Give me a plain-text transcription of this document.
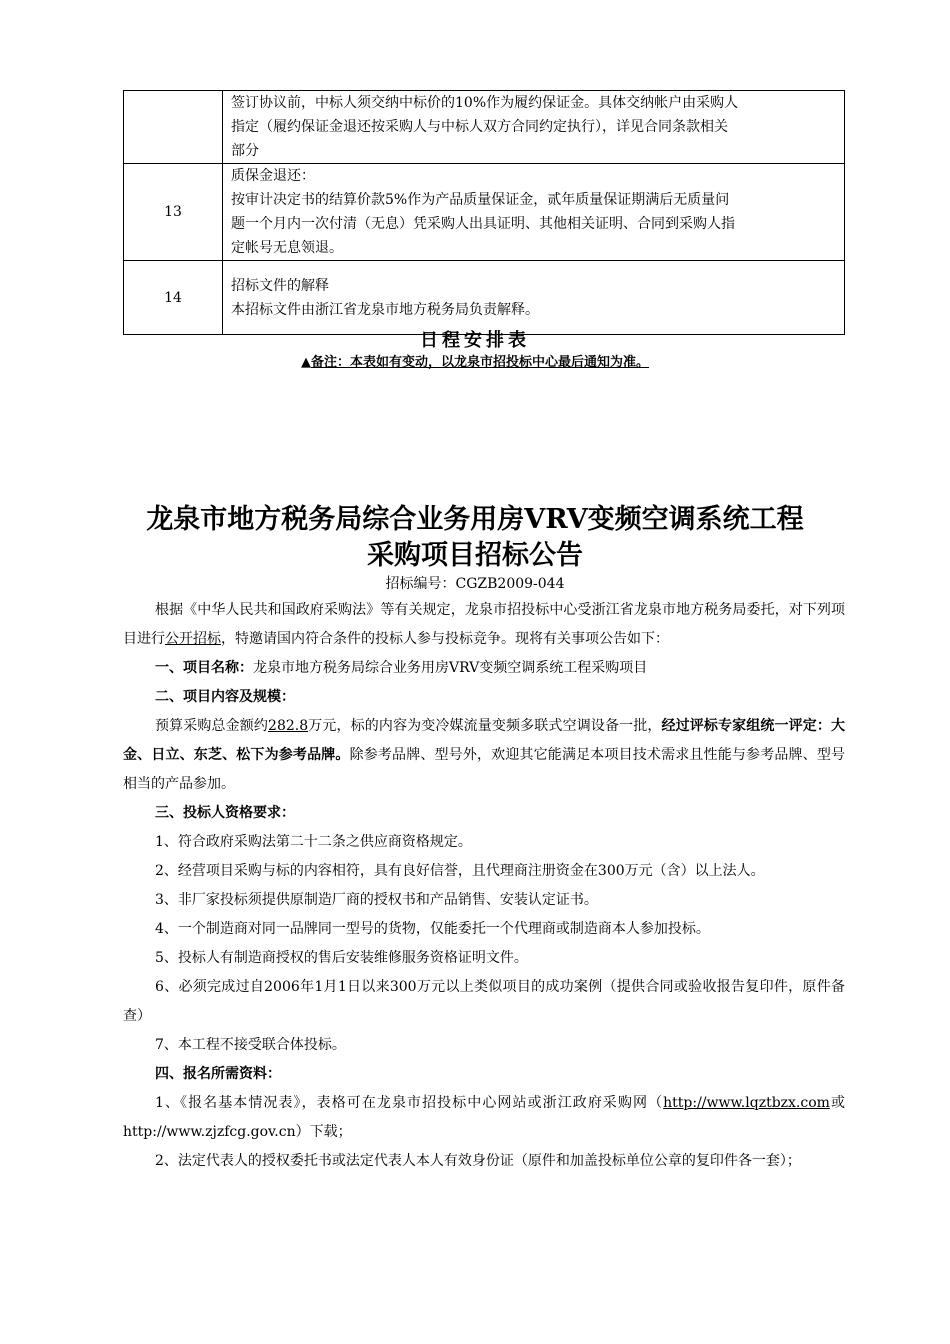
	签订协议前，中标人须交纳中标价的10%作为履约保证金。具体交纳帐户由采购人
指定（履约保证金退还按采购人与中标人双方合同约定执行），详见合同条款相关
部分

13	质保金退还：
按审计决定书的结算价款5%作为产品质量保证金，贰年质量保证期满后无质量问
题一个月内一次付清（无息）凭采购人出具证明、其他相关证明、合同到采购人指
定帐号无息领退。

14	招标文件的解释
本招标文件由浙江省龙泉市地方税务局负责解释。
日程安排表
▲备注：本表如有变动，以龙泉市招投标中心最后通知为准。
龙泉市地方税务局综合业务用房VRV变频空调系统工程
采购项目招标公告
招标编号：CGZB2009-044

根据《中华人民共和国政府采购法》等有关规定，龙泉市招投标中心受浙江省龙泉市地方税务局委托，对下列项目进行公开招标，特邀请国内符合条件的投标人参与投标竞争。现将有关事项公告如下：

一、项目名称：龙泉市地方税务局综合业务用房VRV变频空调系统工程采购项目

二、项目内容及规模：

预算采购总金额约282.8万元，标的内容为变冷媒流量变频多联式空调设备一批，经过评标专家组统一评定：大金、日立、东芝、松下为参考品牌。除参考品牌、型号外，欢迎其它能满足本项目技术需求且性能与参考品牌、型号相当的产品参加。

三、投标人资格要求：

1、符合政府采购法第二十二条之供应商资格规定。

2、经营项目采购与标的内容相符，具有良好信誉，且代理商注册资金在300万元（含）以上法人。

3、非厂家投标须提供原制造厂商的授权书和产品销售、安装认定证书。

4、一个制造商对同一品牌同一型号的货物，仅能委托一个代理商或制造商本人参加投标。

5、投标人有制造商授权的售后安装维修服务资格证明文件。

6、必须完成过自2006年1月1日以来300万元以上类似项目的成功案例（提供合同或验收报告复印件，原件备查）

7、本工程不接受联合体投标。

四、报名所需资料：

1、《报名基本情况表》，表格可在龙泉市招投标中心网站或浙江政府采购网（http://www.lqztbzx.com或http://www.zjzfcg.gov.cn）下载；

2、法定代表人的授权委托书或法定代表人本人有效身份证（原件和加盖投标单位公章的复印件各一套）；
